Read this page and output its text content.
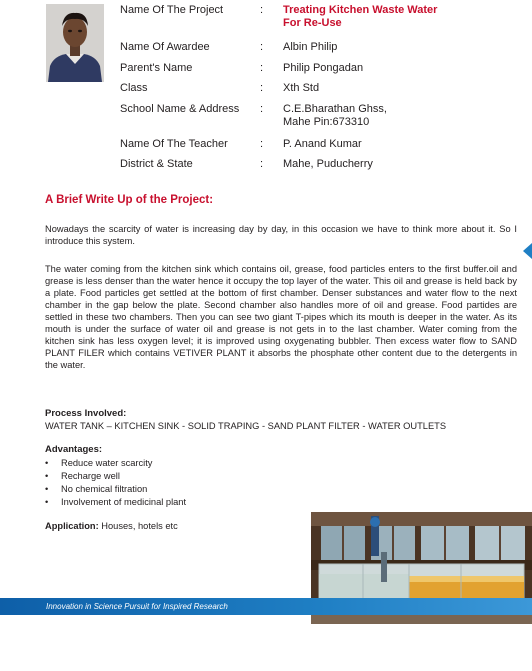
Name Of The Project	: Treating Kitchen Waste Water
For Re-Use
Name Of Awardee	: Albin Philip
Parent's Name	: Philip Pongadan
Class	: Xth Std
School Name & Address : C.E.Bharathan Ghss,
Mahe Pin:673310
Name Of The Teacher	: P. Anand Kumar
District & State	: Mahe, Puducherry
A Brief Write Up of the Project:

Nowadays the scarcity of water is increasing day by day, in this occasion we have to think more about it. So I introduce this system.

The water coming from the kitchen sink which contains oil, grease, food particles enters to the first buffer.oil and grease is less denser than the water hence it occupy the top layer of the water. This oil and grease is held back by a plate. Food particles get settled at the bottom of first chamber. Denser substances and water flow to the next chamber in the gap below the plate. Second chamber also handles more of oil and grease. Food partides are settled in these two chambers. Then you can see two giant T-pipes which its mouth is deeper in the water. As its mouth is under the surface of water oil and grease is not gets in to the last chamber. Water coming from the kitchen sink has less oxygen level; it is improved using oxygenating bubbler. Then excess water flow to SAND PLANT FILER which contains VETIVER PLANT it absorbs the phosphate other content due to the detergents in the water.

Process Involved:

WATER TANK – KITCHEN SINK - SOLID TRAPING - SAND PLANT FILTER - WATER OUTLETS

Advantages:
• Reduce water scarcity
• Recharge well
• No chemical filtration
• Involvement of medicinal plant

Application: Houses, hotels etc

Innovation in Science Pursuit for Inspired Research
